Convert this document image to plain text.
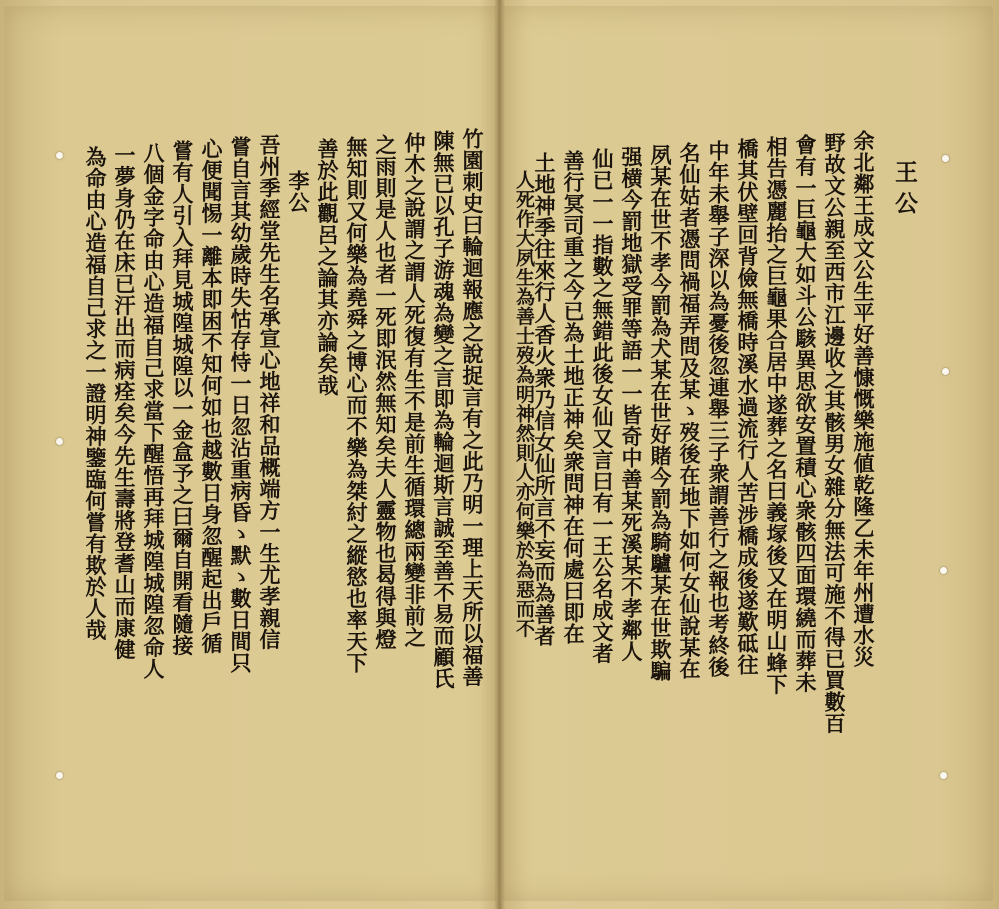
王公
余北鄰王成文公生平好善慷慨樂施値乾隆乙未年州遭水災
野故文公親至西市江邊收之其骸男女雜分無法可施不得已買數百
會有一巨龜大如斗公駭異思欲安置積心衆骸四面環繞而葬未
相告憑麗抬之巨龜果合居中遂葬之名曰義塜後又在明山蜂下
橋其伏壁回背儉無橋時溪水過流行人苦涉橋成後遂歎砥往
中年未舉子深以為憂後忽連舉三子衆謂善行之報也考終後
名仙姑者憑問禍福弄問及某ゝ歿後在地下如何女仙說某在
夙某在世不孝今罰為犬某在世好賭今罰為騎驢某在世欺騙
强横今罰地獄受罪等語一一皆奇中善某死溪某不孝鄰人
仙已一一指數之無錯此後女仙又言曰有一王公名成文者
善行冥司重之今已為土地正神矣衆問神在何處曰即在
土地神季往來行人香火衆乃信女仙所言不妄而為善者
人死作大夙生為善士歿為明神然則人亦何樂於為惡而不
竹園刺史曰輪迴報應之說捉言有之此乃明一理上天所以福善
陳無已以孔子游魂為變之言即為輪迴斯言誠至善不易而顧氏
仲木之說謂之謂人死復有生不是前生循環總兩變非前之
之雨則是人也者一死即泯然無知矣夫人靈物也曷得與燈
無知則又何樂為堯舜之博心而不樂為桀紂之縱慾也率天下
善於此觀呂之論其亦論矣哉
李公
吾州季經堂先生名承宣心地祥和品概端方一生尤孝親信
嘗自言其幼歲時失怙存恃一日忽沾重病昏ゝ默ゝ數日間只
心便聞惕一離本即困不知何如也越數日身忽醒起出戶循
嘗有人引入拜見城隍城隍以一金盒予之曰爾自開看隨接
八個金字命由心造福自己求當下醒悟再拜城隍城隍忽命人
一夢身仍在床已汗出而病痊矣今先生壽將登耆山而康健
為命由心造福自己求之一證明神鑒臨何嘗有欺於人哉
